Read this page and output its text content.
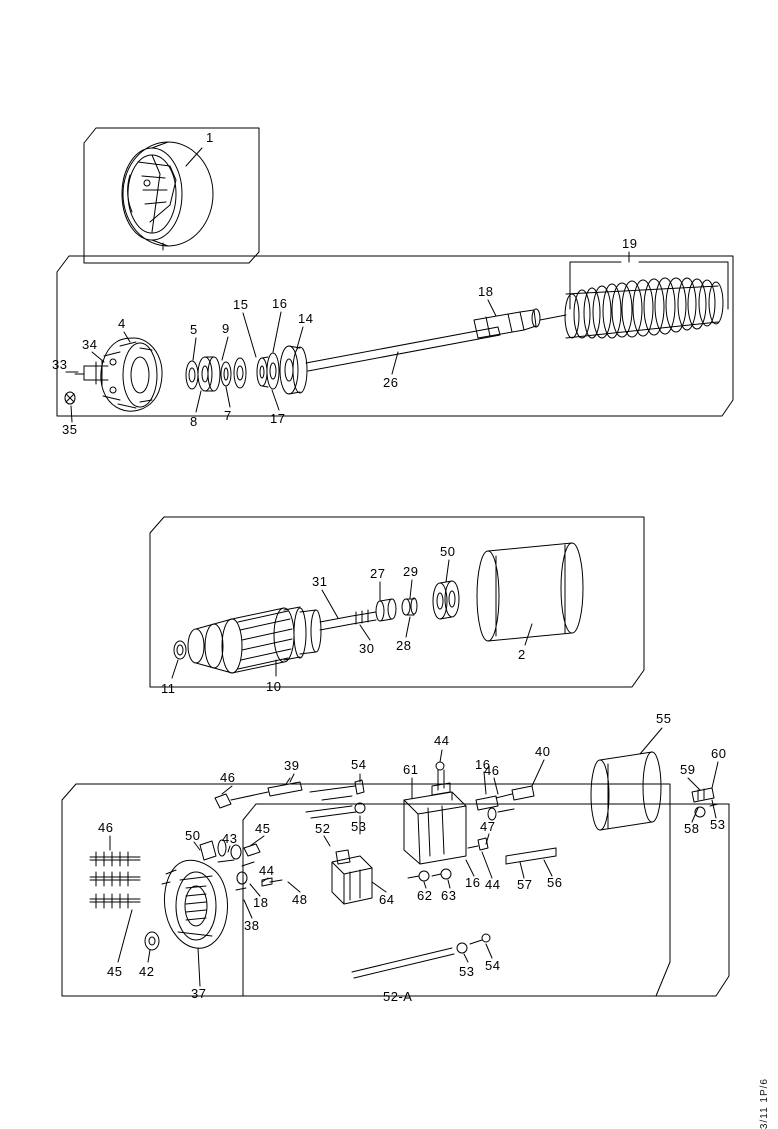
1
19
18
15 16
14
4	5 9
34
33
26
8 7	17
35
50
27 29
31
30 28
2
11	10
55
44
40	60
61	16
46
39	54	59
46
53
58
52 53	47
46
50 43
45
44
57 56
62 63
16 44
48	64
18
38
45 42
37
53 54
52-A
3/11 1P/6
